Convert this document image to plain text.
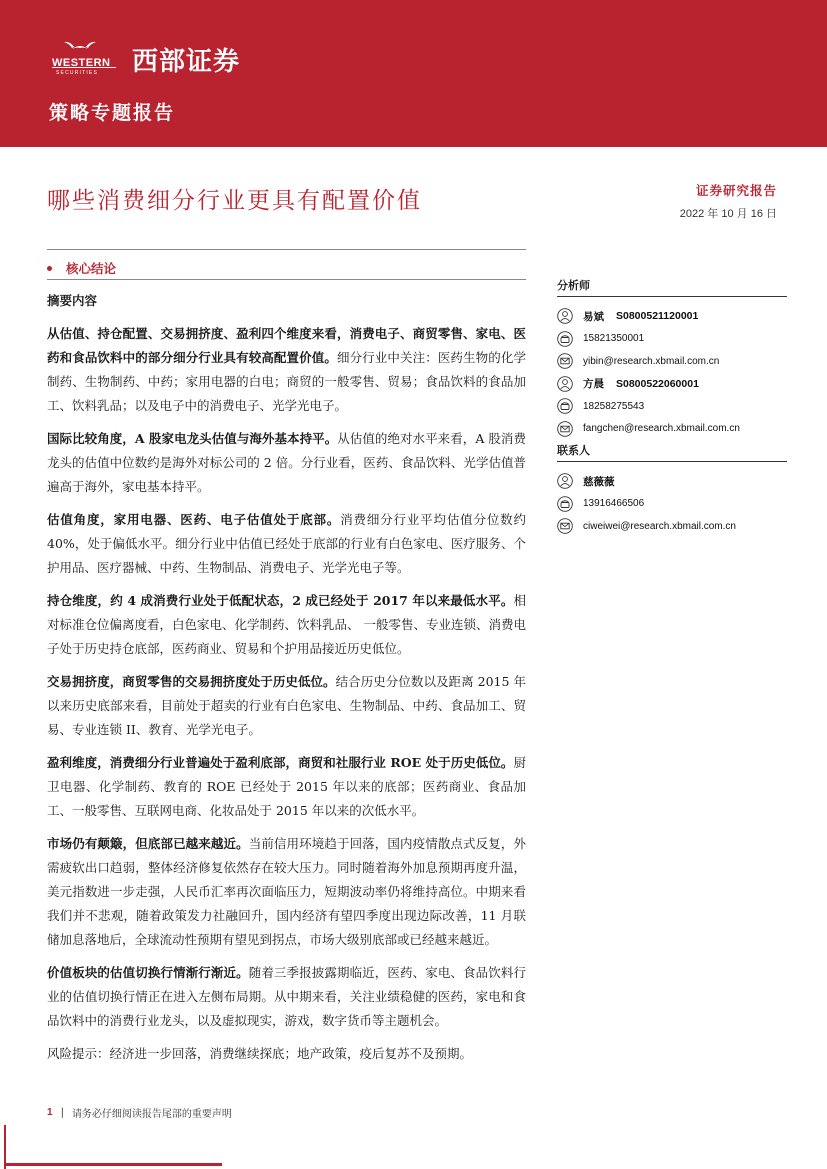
WESTERN
SECURITIES 西部证券
策略专题报告
哪些消费细分行业更具有配置价值	证券研究报告
2022 年 10 月 16 日
核心结论
摘要内容

从估值、持仓配置、交易拥挤度、盈利四个维度来看，消费电子、商贸零售、家电、医药和食品饮料中的部分细分行业具有较高配置价值。细分行业中关注：医药生物的化学制药、生物制药、中药；家用电器的白电；商贸的一般零售、贸易；食品饮料的食品加工、饮料乳品；以及电子中的消费电子、光学光电子。

国际比较角度，A 股家电龙头估值与海外基本持平。从估值的绝对水平来看，A 股消费龙头的估值中位数约是海外对标公司的 2 倍。分行业看，医药、食品饮料、光学估值普遍高于海外，家电基本持平。

估值角度，家用电器、医药、电子估值处于底部。消费细分行业平均估值分位数约 40%，处于偏低水平。细分行业中估值已经处于底部的行业有白色家电、医疗服务、个护用品、医疗器械、中药、生物制品、消费电子、光学光电子等。

持仓维度，约 4 成消费行业处于低配状态，2 成已经处于 2017 年以来最低水平。相对标准仓位偏离度看，白色家电、化学制药、饮料乳品、 一般零售、专业连锁、消费电子处于历史持仓底部，医药商业、贸易和个护用品接近历史低位。

交易拥挤度，商贸零售的交易拥挤度处于历史低位。结合历史分位数以及距离 2015 年以来历史底部来看，目前处于超卖的行业有白色家电、生物制品、中药、食品加工、贸易、专业连锁 II、教育、光学光电子。

盈利维度，消费细分行业普遍处于盈利底部，商贸和社服行业 ROE 处于历史低位。厨卫电器、化学制药、教育的 ROE 已经处于 2015 年以来的底部；医药商业、食品加工、一般零售、互联网电商、化妆品处于 2015 年以来的次低水平。

市场仍有颠簸，但底部已越来越近。当前信用环境趋于回落，国内疫情散点式反复，外需疲软出口趋弱，整体经济修复依然存在较大压力。同时随着海外加息预期再度升温，美元指数进一步走强，人民币汇率再次面临压力，短期波动率仍将维持高位。中期来看我们并不悲观，随着政策发力社融回升，国内经济有望四季度出现边际改善，11 月联储加息落地后，全球流动性预期有望见到拐点，市场大级别底部或已经越来越近。

价值板块的估值切换行情渐行渐近。随着三季报披露期临近，医药、家电、食品饮料行业的估值切换行情正在进入左侧布局期。从中期来看，关注业绩稳健的医药，家电和食品饮料中的消费行业龙头，以及虚拟现实，游戏，数字货币等主题机会。

风险提示：经济进一步回落，消费继续探底；地产政策，疫后复苏不及预期。

分析师
易斌 S0800521120001
15821350001
yibin@research.xbmail.com.cn
方晨 S0800522060001
18258275543
fangchen@research.xbmail.com.cn
联系人
慈薇薇
13916466506
ciweiwei@research.xbmail.com.cn
1 | 请务必仔细阅读报告尾部的重要声明
